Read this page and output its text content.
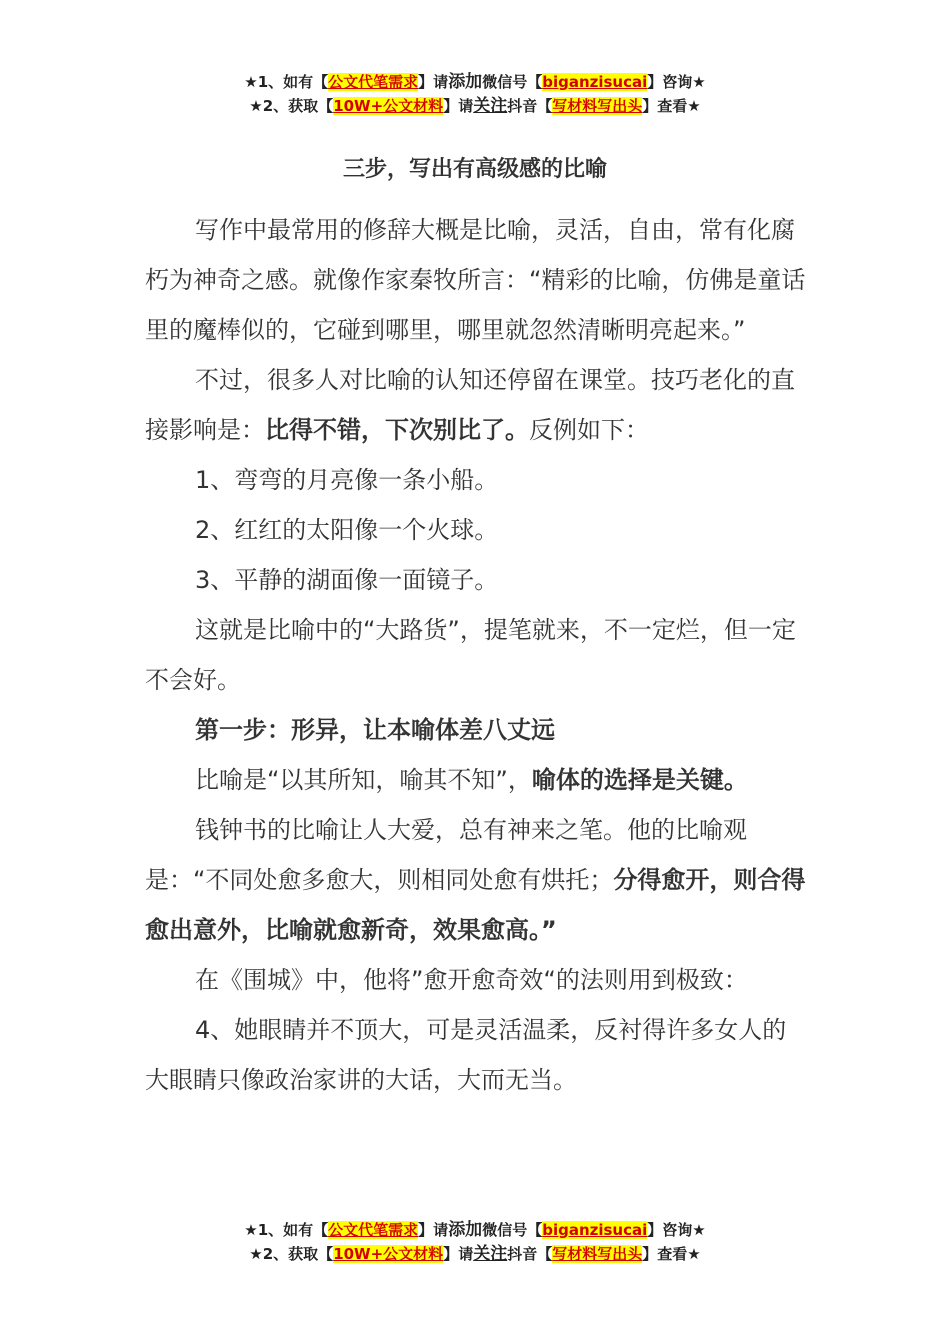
★1、如有【公文代笔需求】请添加微信号【biganzisucai】咨询★
★2、获取【10W+公文材料】请关注抖音【写材料写出头】查看★
三步，写出有高级感的比喻

写作中最常用的修辞大概是比喻，灵活，自由，常有化腐朽为神奇之感。就像作家秦牧所言：“精彩的比喻，仿佛是童话里的魔棒似的，它碰到哪里，哪里就忽然清晰明亮起来。”

不过，很多人对比喻的认知还停留在课堂。技巧老化的直接影响是：比得不错，下次别比了。反例如下：

1、弯弯的月亮像一条小船。

2、红红的太阳像一个火球。

3、平静的湖面像一面镜子。

这就是比喻中的“大路货”，提笔就来，不一定烂，但一定不会好。

第一步：形异，让本喻体差八丈远

比喻是“以其所知，喻其不知”，喻体的选择是关键。

钱钟书的比喻让人大爱，总有神来之笔。他的比喻观是：“不同处愈多愈大，则相同处愈有烘托；分得愈开，则合得愈出意外，比喻就愈新奇，效果愈高。”

在《围城》中，他将”愈开愈奇效“的法则用到极致：

4、她眼睛并不顶大，可是灵活温柔，反衬得许多女人的大眼睛只像政治家讲的大话，大而无当。

★1、如有【公文代笔需求】请添加微信号【biganzisucai】咨询★
★2、获取【10W+公文材料】请关注抖音【写材料写出头】查看★
